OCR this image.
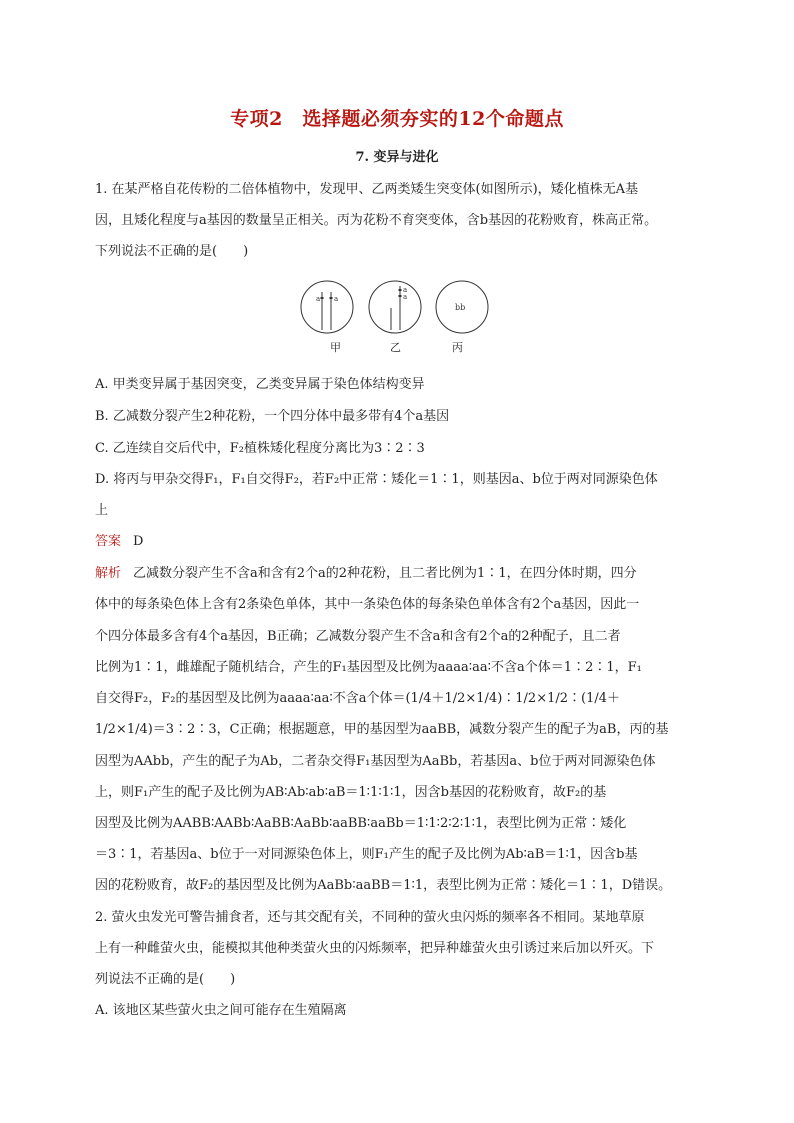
专项2　选择题必须夯实的12个命题点
7. 变异与进化
1. 在某严格自花传粉的二倍体植物中，发现甲、乙两类矮生突变体(如图所示)，矮化植株无A基
因，且矮化程度与a基因的数量呈正相关。丙为花粉不育突变体，含b基因的花粉败育，株高正常。
下列说法不正确的是(　　)
a a
a
a
bb
甲	乙	丙
A. 甲类变异属于基因突变，乙类变异属于染色体结构变异
B. 乙减数分裂产生2种花粉，一个四分体中最多带有4个a基因
C. 乙连续自交后代中，F₂植株矮化程度分离比为3∶2∶3
D. 将丙与甲杂交得F₁，F₁自交得F₂，若F₂中正常∶矮化＝1∶1，则基因a、b位于两对同源染色体
上
答案 D
解析 乙减数分裂产生不含a和含有2个a的2种花粉，且二者比例为1∶1，在四分体时期，四分
体中的每条染色体上含有2条染色单体，其中一条染色体的每条染色单体含有2个a基因，因此一
个四分体最多含有4个a基因，B正确；乙减数分裂产生不含a和含有2个a的2种配子，且二者
比例为1∶1，雌雄配子随机结合，产生的F₁基因型及比例为aaaa∶aa∶不含a个体＝1∶2∶1，F₁
自交得F₂，F₂的基因型及比例为aaaa∶aa∶不含a个体＝(1/4＋1/2×1/4)∶1/2×1/2∶(1/4＋
1/2×1/4)＝3∶2∶3，C正确；根据题意，甲的基因型为aaBB，减数分裂产生的配子为aB，丙的基
因型为AAbb，产生的配子为Ab，二者杂交得F₁基因型为AaBb，若基因a、b位于两对同源染色体
上，则F₁产生的配子及比例为AB∶Ab∶ab∶aB＝1∶1∶1∶1，因含b基因的花粉败育，故F₂的基
因型及比例为AABB∶AABb∶AaBB∶AaBb∶aaBB∶aaBb＝1∶1∶2∶2∶1∶1，表型比例为正常∶矮化
＝3∶1，若基因a、b位于一对同源染色体上，则F₁产生的配子及比例为Ab∶aB＝1∶1，因含b基
因的花粉败育，故F₂的基因型及比例为AaBb∶aaBB＝1∶1，表型比例为正常∶矮化＝1∶1，D错误。
2. 萤火虫发光可警告捕食者，还与其交配有关，不同种的萤火虫闪烁的频率各不相同。某地草原
上有一种雌萤火虫，能模拟其他种类萤火虫的闪烁频率，把异种雄萤火虫引诱过来后加以歼灭。下
列说法不正确的是(　　)
A. 该地区某些萤火虫之间可能存在生殖隔离
